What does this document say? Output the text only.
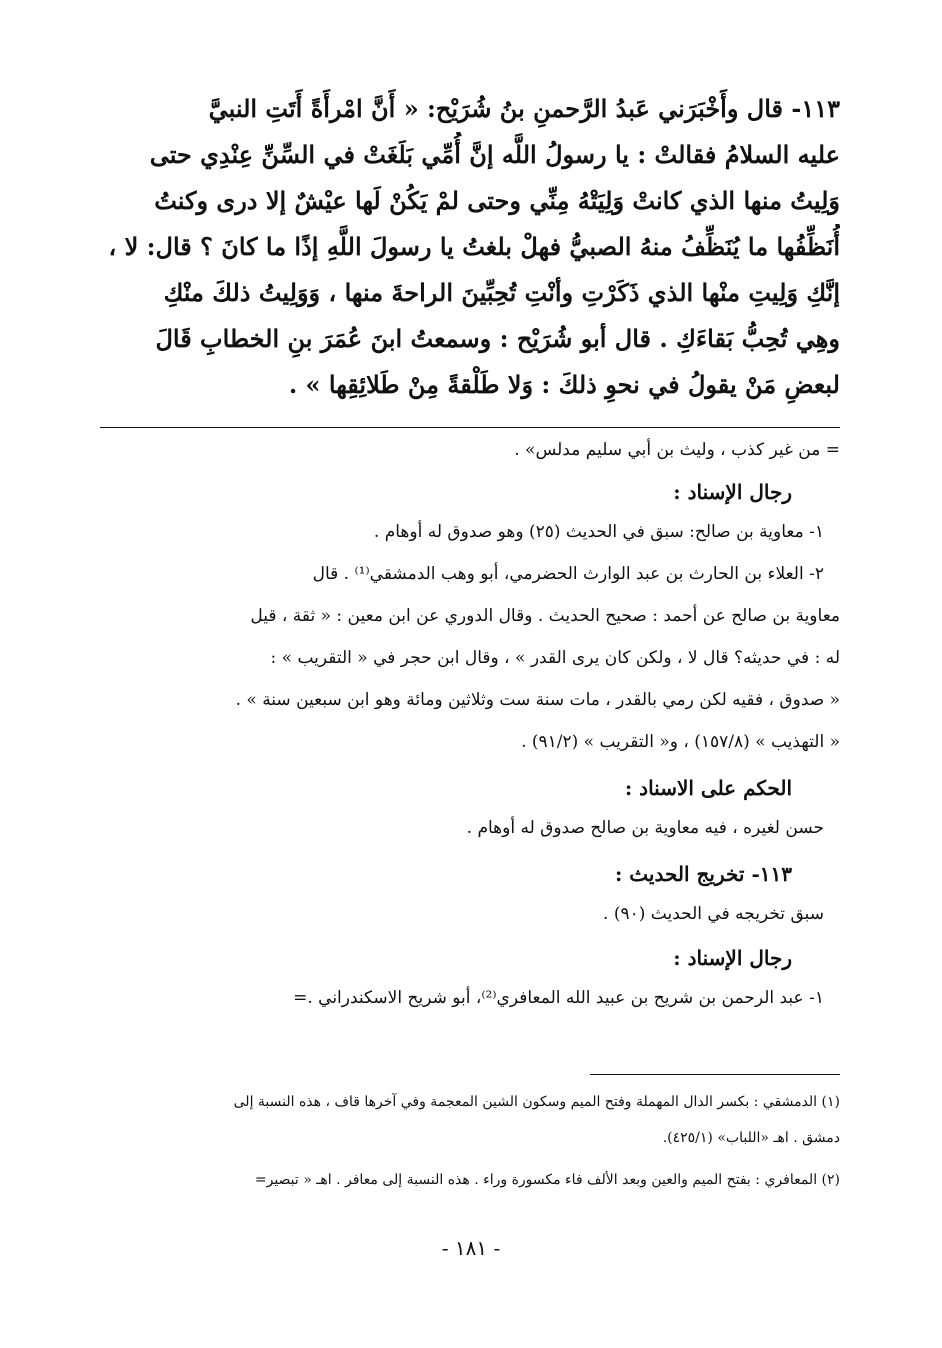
١١٣- قال وأَخْبَرَني عَبدُ الرَّحمنِ بنُ شُرَيْح: « أَنَّ امْرأَةً أَتَتِ النبيَّ
عليه السلامُ فقالتْ : يا رسولُ اللَّه إنَّ أُمِّي بَلَغَتْ في السِّنِّ عِنْدِي حتى
وَلِيتُ منها الذي كانتْ وَلِيَتْهُ مِنِّي وحتى لمْ يَكُنْ لَها عيْشٌ إلا درى وكنتُ
أُنَظِّفُها ما يُنَظِّفُ منهُ الصبيُّ فهلْ بلغتُ يا رسولَ اللَّهِ إذًا ما كانَ ؟ قال: لا ،
إنَّكِ وَلِيتِ منْها الذي ذَكَرْتِ وأنْتِ تُحِبِّينَ الراحةَ منها ، وَوَلِيتُ ذلكَ منْكِ
وهِي تُحِبُّ بَقاءَكِ . قال أبو شُرَيْح : وسمعتُ ابنَ عُمَرَ بنِ الخطابِ قَالَ
لبعضِ مَنْ يقولُ في نحوِ ذلكَ : وَلا طَلْقةً مِنْ طَلائِقِها » .
= من غير كذب ، وليث بن أبي سليم مدلس» .
رجال الإسناد :
١- معاوية بن صالح: سبق في الحديث (٢٥) وهو صدوق له أوهام .
٢- العلاء بن الحارث بن عبد الوارث الحضرمي، أبو وهب الدمشقي⁽¹⁾ . قال
معاوية بن صالح عن أحمد : صحيح الحديث . وقال الدوري عن ابن معين : « ثقة ، قيل
له : في حديثه؟ قال لا ، ولكن كان يرى القدر » ، وقال ابن حجر في « التقريب » :
« صدوق ، فقيه لكن رمي بالقدر ، مات سنة ست وثلاثين ومائة وهو ابن سبعين سنة » .
« التهذيب » (١٥٧/٨) ، و« التقريب » (٩١/٢) .
الحكم على الاسناد :
حسن لغيره ، فيه معاوية بن صالح صدوق له أوهام .
١١٣- تخريج الحديث :
سبق تخريجه في الحديث (٩٠) .
رجال الإسناد :
١- عبد الرحمن بن شريح بن عبيد الله المعافري⁽²⁾، أبو شريح الاسكندراني .=
(١) الدمشقي : بكسر الدال المهملة وفتح الميم وسكون الشين المعجمة وفي آخرها قاف ، هذه النسبة إلى
دمشق . اهـ «اللباب» (٤٢٥/١).
(٢) المعافري : بفتح الميم والعين وبعد الألف فاء مكسورة وراء . هذه النسبة إلى معافر . اهـ « تبصير=
- ١٨١ -
